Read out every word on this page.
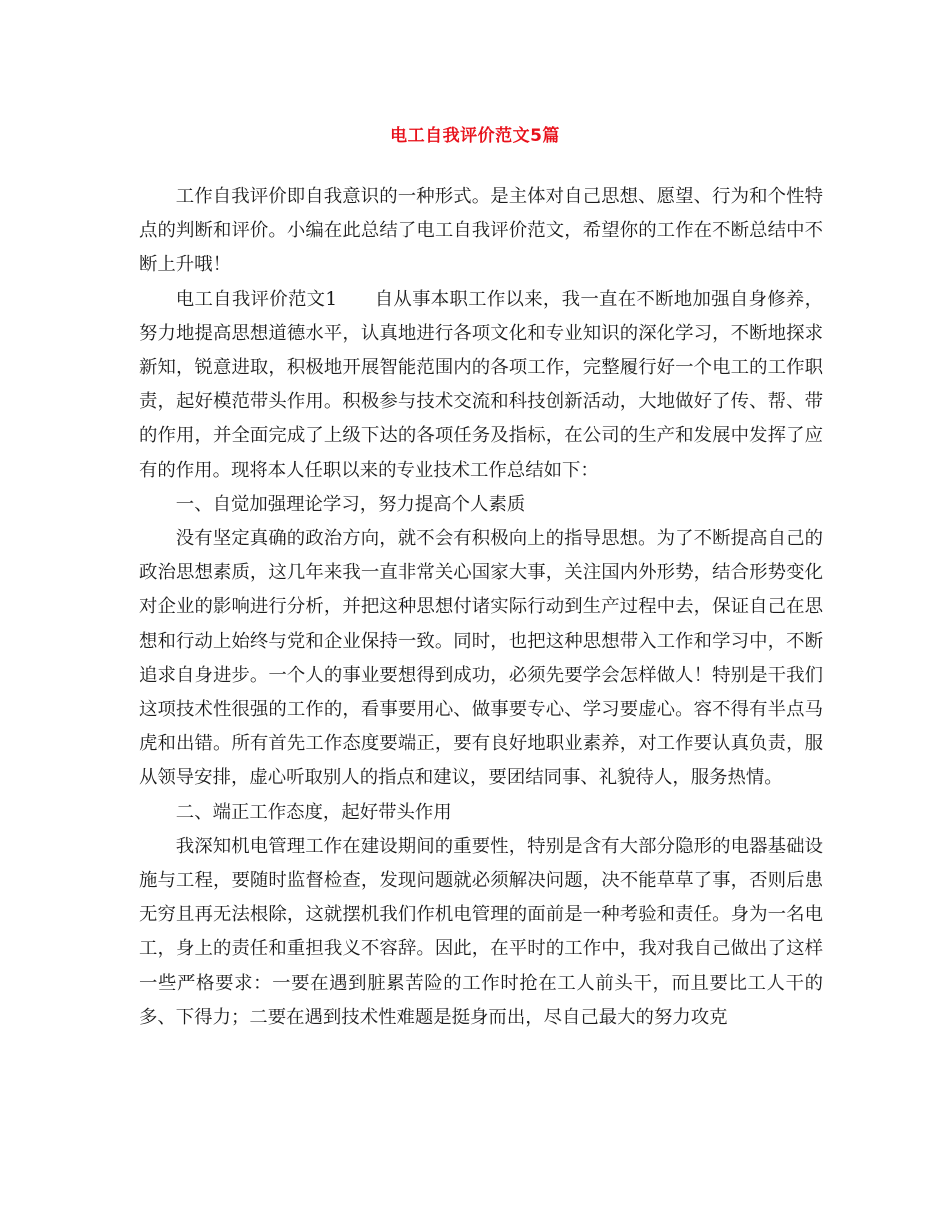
电工自我评价范文5篇

工作自我评价即自我意识的一种形式。是主体对自己思想、愿望、行为和个性特点的判断和评价。小编在此总结了电工自我评价范文，希望你的工作在不断总结中不断上升哦！

电工自我评价范文1　　自从事本职工作以来，我一直在不断地加强自身修养，努力地提高思想道德水平，认真地进行各项文化和专业知识的深化学习，不断地探求新知，锐意进取，积极地开展智能范围内的各项工作，完整履行好一个电工的工作职责，起好模范带头作用。积极参与技术交流和科技创新活动，大地做好了传、帮、带的作用，并全面完成了上级下达的各项任务及指标，在公司的生产和发展中发挥了应有的作用。现将本人任职以来的专业技术工作总结如下：

一、自觉加强理论学习，努力提高个人素质

没有坚定真确的政治方向，就不会有积极向上的指导思想。为了不断提高自己的政治思想素质，这几年来我一直非常关心国家大事，关注国内外形势，结合形势变化对企业的影响进行分析，并把这种思想付诸实际行动到生产过程中去，保证自己在思想和行动上始终与党和企业保持一致。同时，也把这种思想带入工作和学习中，不断追求自身进步。一个人的事业要想得到成功，必须先要学会怎样做人！特别是干我们这项技术性很强的工作的，看事要用心、做事要专心、学习要虚心。容不得有半点马虎和出错。所有首先工作态度要端正，要有良好地职业素养，对工作要认真负责，服从领导安排，虚心听取别人的指点和建议，要团结同事、礼貌待人，服务热情。

二、端正工作态度，起好带头作用

我深知机电管理工作在建设期间的重要性，特别是含有大部分隐形的电器基础设施与工程，要随时监督检查，发现问题就必须解决问题，决不能草草了事，否则后患无穷且再无法根除，这就摆机我们作机电管理的面前是一种考验和责任。身为一名电工，身上的责任和重担我义不容辞。因此，在平时的工作中，我对我自己做出了这样一些严格要求：一要在遇到脏累苦险的工作时抢在工人前头干，而且要比工人干的多、下得力；二要在遇到技术性难题是挺身而出，尽自己最大的努力攻克
